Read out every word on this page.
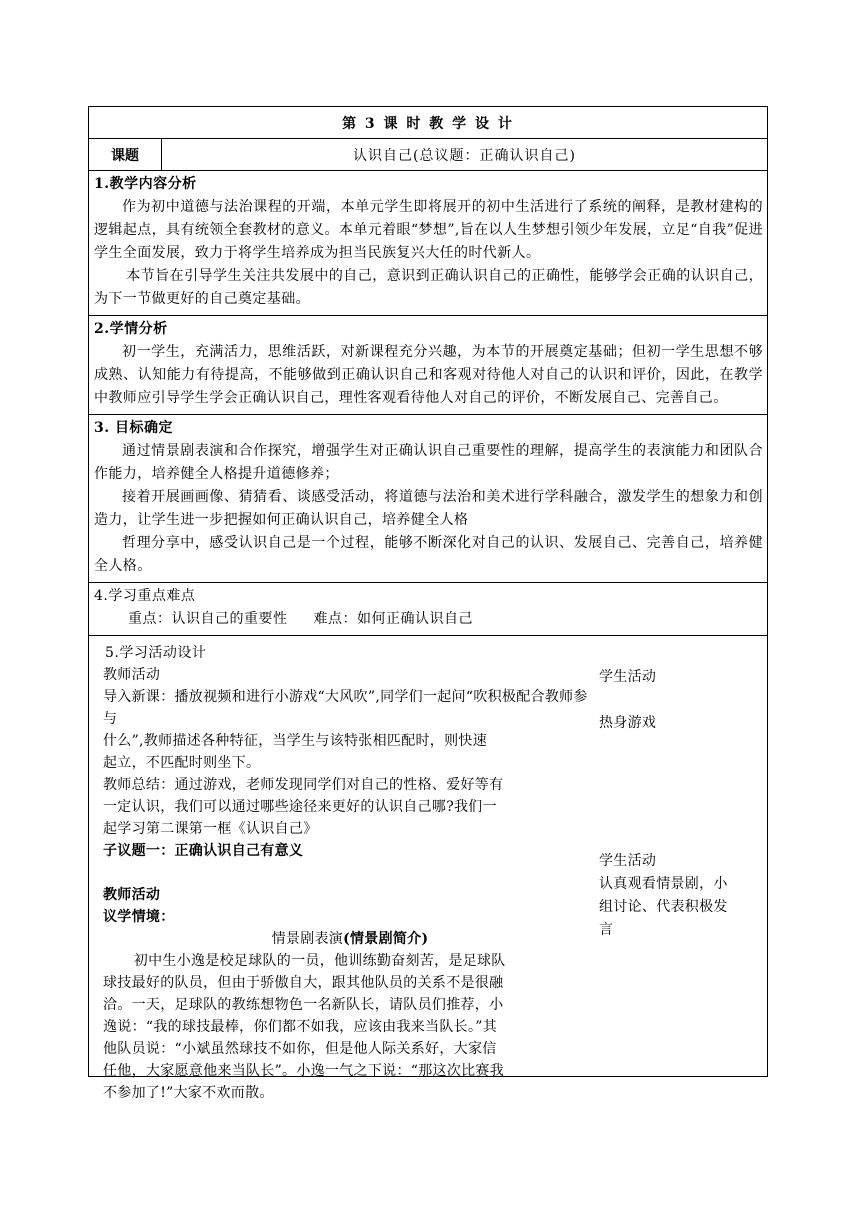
第 3 课 时 教 学 设 计
课题	认识自己(总议题：正确认识自己)
1.教学内容分析
作为初中道德与法治课程的开端，本单元学生即将展开的初中生活进行了系统的阐释，是教材建构的逻辑起点，具有统领全套教材的意义。本单元着眼“梦想”,旨在以人生梦想引领少年发展，立足“自我”促进学生全面发展，致力于将学生培养成为担当民族复兴大任的时代新人。
本节旨在引导学生关注共发展中的自己，意识到正确认识自己的正确性，能够学会正确的认识自己，为下一节做更好的自己奠定基础。
2.学情分析
初一学生，充满活力，思维活跃，对新课程充分兴趣，为本节的开展奠定基础；但初一学生思想不够成熟、认知能力有待提高，不能够做到正确认识自己和客观对待他人对自己的认识和评价，因此，在教学中教师应引导学生学会正确认识自己，理性客观看待他人对自己的评价，不断发展自己、完善自己。
3. 目标确定
通过情景剧表演和合作探究，增强学生对正确认识自己重要性的理解，提高学生的表演能力和团队合作能力，培养健全人格提升道德修养；
接着开展画画像、猜猜看、谈感受活动，将道德与法治和美术进行学科融合，激发学生的想象力和创造力，让学生进一步把握如何正确认识自己，培养健全人格
哲理分享中，感受认识自己是一个过程，能够不断深化对自己的认识、发展自己、完善自己，培养健全人格。
4.学习重点难点
重点：认识自己的重要性 难点：如何正确认识自己
5.学习活动设计
教师活动
导入新课：播放视频和进行小游戏“大风吹”,同学们一起问“吹积极配合教师参与
什么”,教师描述各种特征，当学生与该特张相匹配时，则快速
起立，不匹配时则坐下。
教师总结：通过游戏，老师发现同学们对自己的性格、爱好等有
一定认识，我们可以通过哪些途径来更好的认识自己哪?我们一
起学习第二课第一框《认识自己》
子议题一：正确认识自己有意义
教师活动
议学情境：
情景剧表演(情景剧简介)
初中生小逸是校足球队的一员，他训练勤奋刻苦，是足球队
球技最好的队员，但由于骄傲自大，跟其他队员的关系不是很融
洽。一天，足球队的教练想物色一名新队长，请队员们推荐，小
逸说：“我的球技最棒，你们都不如我，应该由我来当队长。”其
他队员说：“小斌虽然球技不如你，但是他人际关系好，大家信
任他，大家愿意他来当队长”。小逸一气之下说：“那这次比赛我
不参加了!”大家不欢而散。
学生活动
热身游戏
学生活动
认真观看情景剧，小
组讨论、代表积极发
言
